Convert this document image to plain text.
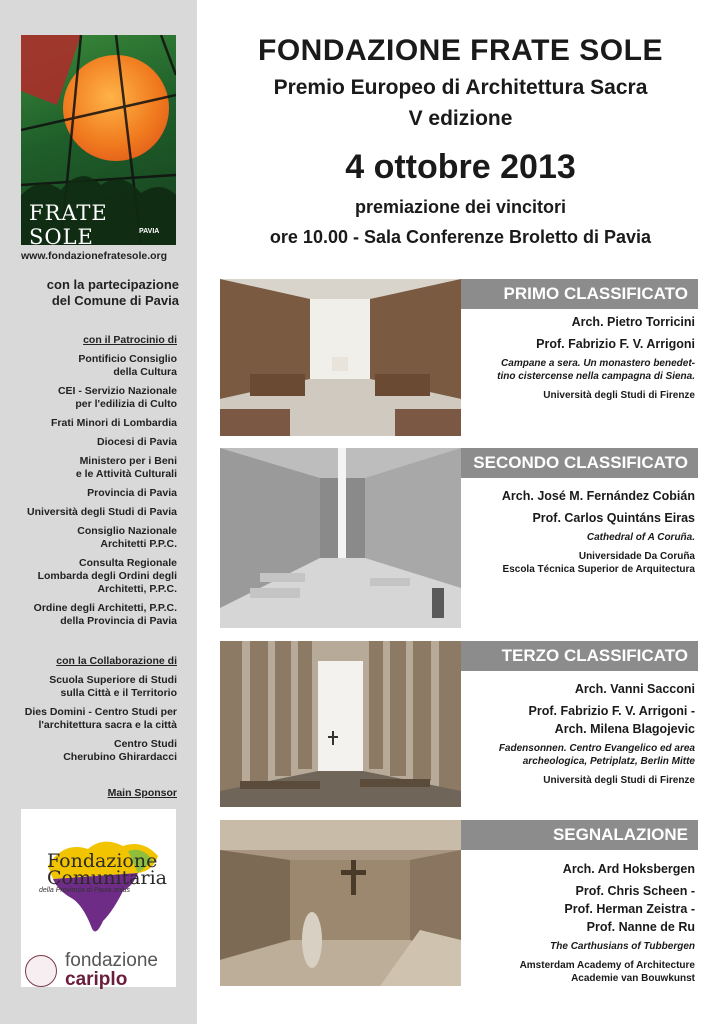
FRATE SOLE	PAVIA
www.fondazionefratesole.org
con la partecipazione
del Comune di Pavia
con il Patrocinio di
Pontificio Consiglio
della Cultura
CEI - Servizio Nazionale
per l'edilizia di Culto
Frati Minori di Lombardia
Diocesi di Pavia
Ministero per i Beni
e le Attività Culturali
Provincia di Pavia
Università degli Studi di Pavia
Consiglio Nazionale
Architetti P.P.C.
Consulta Regionale
Lombarda degli Ordini degli
Architetti, P.P.C.
Ordine degli Architetti, P.P.C.
della Provincia di Pavia
con la Collaborazione di
Scuola Superiore di Studi
sulla Città e il Territorio
Dies Domini - Centro Studi per
l'architettura sacra e la città
Centro Studi
Cherubino Ghirardacci
Main Sponsor
Fondazione
Comunitaria
della Provincia di Pavia onlus
fondazione
cariplo
FONDAZIONE FRATE SOLE
Premio Europeo di Architettura Sacra
V edizione
4 ottobre 2013
premiazione dei vincitori
ore 10.00 - Sala Conferenze Broletto di Pavia
PRIMO CLASSIFICATO
Arch. Pietro Torricini
Prof. Fabrizio F. V. Arrigoni
Campane a sera. Un monastero benedet-
tino cistercense nella campagna di Siena.
Università degli Studi di Firenze
SECONDO CLASSIFICATO
Arch. José M. Fernández Cobián
Prof. Carlos Quintáns Eiras
Cathedral of A Coruña.
Universidade Da Coruña
Escola Técnica Superior de Arquitectura
TERZO CLASSIFICATO
Arch. Vanni Sacconi
Prof. Fabrizio F. V. Arrigoni -
Arch. Milena Blagojevic
Fadensonnen. Centro Evangelico ed area
archeologica, Petriplatz, Berlin Mitte
Università degli Studi di Firenze
SEGNALAZIONE
Arch. Ard Hoksbergen
Prof. Chris Scheen -
Prof. Herman Zeistra -
Prof. Nanne de Ru
The Carthusians of Tubbergen
Amsterdam Academy of Architecture
Academie van Bouwkunst
